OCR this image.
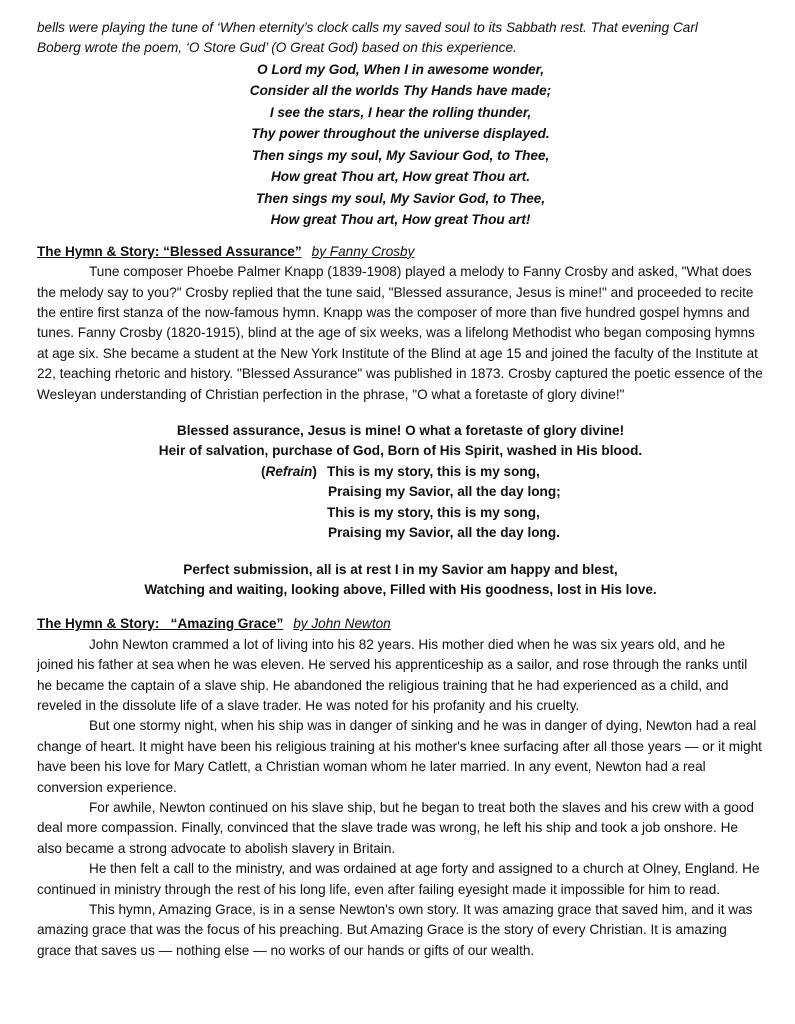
bells were playing the tune of ‘When eternity’s clock calls my saved soul to its Sabbath rest. That evening Carl
Boberg wrote the poem, ‘O Store Gud’ (O Great God) based on this experience.
O Lord my God, When I in awesome wonder,
Consider all the worlds Thy Hands have made;
I see the stars, I hear the rolling thunder,
Thy power throughout the universe displayed.
Then sings my soul, My Saviour God, to Thee,
How great Thou art, How great Thou art.
Then sings my soul, My Savior God, to Thee,
How great Thou art, How great Thou art!
The Hymn & Story: “Blessed Assurance” by Fanny Crosby

Tune composer Phoebe Palmer Knapp (1839-1908) played a melody to Fanny Crosby and asked, "What does the melody say to you?" Crosby replied that the tune said, "Blessed assurance, Jesus is mine!" and proceeded to recite the entire first stanza of the now-famous hymn. Knapp was the composer of more than five hundred gospel hymns and tunes. Fanny Crosby (1820-1915), blind at the age of six weeks, was a lifelong Methodist who began composing hymns at age six. She became a student at the New York Institute of the Blind at age 15 and joined the faculty of the Institute at 22, teaching rhetoric and history. "Blessed Assurance" was published in 1873. Crosby captured the poetic essence of the Wesleyan understanding of Christian perfection in the phrase, "O what a foretaste of glory divine!"

Blessed assurance, Jesus is mine! O what a foretaste of glory divine!
Heir of salvation, purchase of God, Born of His Spirit, washed in His blood.
(Refrain) This is my story, this is my song,
Praising my Savior, all the day long;
This is my story, this is my song,
Praising my Savior, all the day long.
Perfect submission, all is at rest I in my Savior am happy and blest,
Watching and waiting, looking above, Filled with His goodness, lost in His love.
The Hymn & Story:   “Amazing Grace” by John Newton

John Newton crammed a lot of living into his 82 years. His mother died when he was six years old, and he joined his father at sea when he was eleven. He served his apprenticeship as a sailor, and rose through the ranks until he became the captain of a slave ship. He abandoned the religious training that he had experienced as a child, and reveled in the dissolute life of a slave trader. He was noted for his profanity and his cruelty.

But one stormy night, when his ship was in danger of sinking and he was in danger of dying, Newton had a real change of heart. It might have been his religious training at his mother's knee surfacing after all those years — or it might have been his love for Mary Catlett, a Christian woman whom he later married. In any event, Newton had a real conversion experience.

For awhile, Newton continued on his slave ship, but he began to treat both the slaves and his crew with a good deal more compassion. Finally, convinced that the slave trade was wrong, he left his ship and took a job onshore. He also became a strong advocate to abolish slavery in Britain.

He then felt a call to the ministry, and was ordained at age forty and assigned to a church at Olney, England. He continued in ministry through the rest of his long life, even after failing eyesight made it impossible for him to read.

This hymn, Amazing Grace, is in a sense Newton's own story. It was amazing grace that saved him, and it was amazing grace that was the focus of his preaching. But Amazing Grace is the story of every Christian. It is amazing grace that saves us — nothing else — no works of our hands or gifts of our wealth.
